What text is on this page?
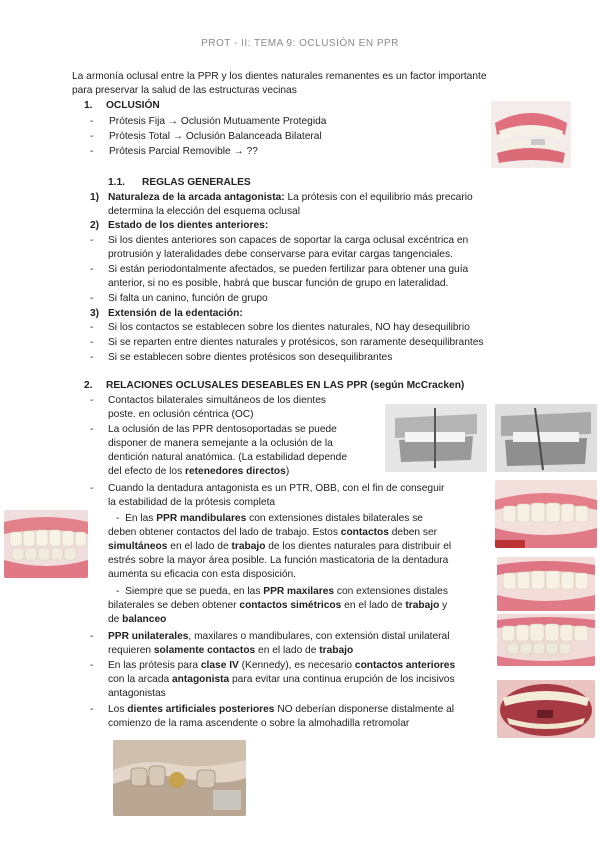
PROT - II: TEMA 9: OCLUSIÓN EN PPR
La armonía oclusal entre la PPR y los dientes naturales remanentes es un factor importante
para preservar la salud de las estructuras vecinas
1.	OCLUSIÓN
-	Prótesis Fija → Oclusión Mutuamente Protegida
-	Prótesis Total → Oclusión Balanceada Bilateral
-	Prótesis Parcial Removible → ??
1.1.      REGLAS GENERALES
1) Naturaleza de la arcada antagonista: La prótesis con el equilibrio más precario
determina la elección del esquema oclusal
2) Estado de los dientes anteriores:
-	Si los dientes anteriores son capaces de soportar la carga oclusal excéntrica en
protrusión y lateralidades debe conservarse para evitar cargas tangenciales.
-	Si están periodontalmente afectados, se pueden fertilizar para obtener una guía
anterior, si no es posible, habrá que buscar función de grupo en lateralidad.
-	Si falta un canino, función de grupo
3) Extensión de la edentación:
-	Si los contactos se establecen sobre los dientes naturales, NO hay desequilibrio
-	Si se reparten entre dientes naturales y protésicos, son raramente desequilibrantes
-	Si se establecen sobre dientes protésicos son desequilibrantes
2.	RELACIONES OCLUSALES DESEABLES EN LAS PPR (según McCracken)
-	Contactos bilaterales simultáneos de los dientes
poste. en oclusión céntrica (OC)
-	La oclusión de las PPR dentosoportadas se puede
disponer de manera semejante a la oclusión de la
dentición natural anatómica. (La estabilidad depende
del efecto de los retenedores directos)
-	Cuando la dentadura antagonista es un PTR, OBB, con el fin de conseguir
la estabilidad de la prótesis completa
- En las PPR mandibulares con extensiones distales bilaterales se
deben obtener contactos del lado de trabajo. Estos contactos deben ser
simultáneos en el lado de trabajo de los dientes naturales para distribuir el
estrés sobre la mayor área posible. La función masticatoria de la dentadura
aumenta su eficacia con esta disposición.
- Siempre que se pueda, en las PPR maxilares con extensiones distales
bilaterales se deben obtener contactos simétricos en el lado de trabajo y
de balanceo
-	PPR unilaterales, maxilares o mandibulares, con extensión distal unilateral
requieren solamente contactos en el lado de trabajo
-	En las prótesis para clase IV (Kennedy), es necesario contactos anteriores
con la arcada antagonista para evitar una continua erupción de los incisivos
antagonistas
-	Los dientes artificiales posteriores NO deberían disponerse distalmente al
comienzo de la rama ascendente o sobre la almohadilla retromolar
